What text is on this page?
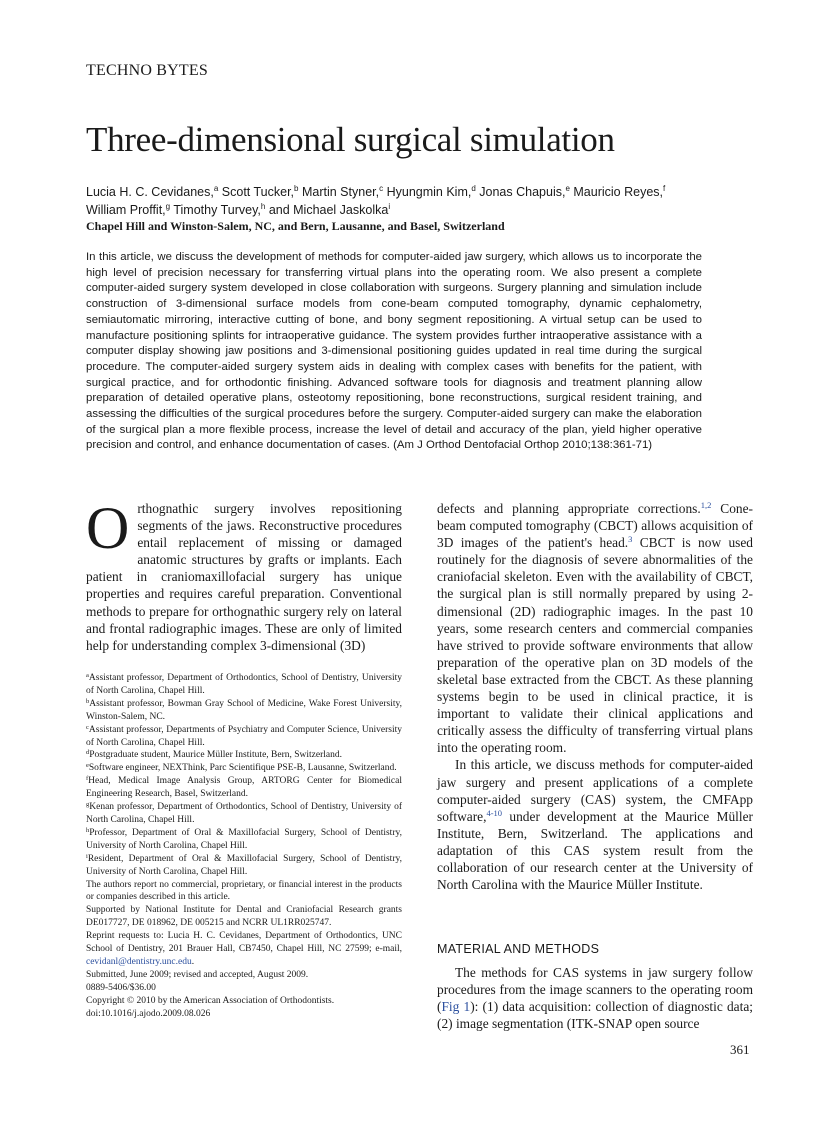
TECHNO BYTES
Three-dimensional surgical simulation
Lucia H. C. Cevidanes,$^a$ Scott Tucker,$^b$ Martin Styner,$^c$ Hyungmin Kim,$^d$ Jonas Chapuis,$^e$ Mauricio Reyes,$^f$
William Proffit,$^g$ Timothy Turvey,$^h$ and Michael Jaskolka$^i$
Chapel Hill and Winston-Salem, NC, and Bern, Lausanne, and Basel, Switzerland

In this article, we discuss the development of methods for computer-aided jaw surgery, which allows us to incorporate the high level of precision necessary for transferring virtual plans into the operating room. We also present a complete computer-aided surgery system developed in close collaboration with surgeons. Surgery planning and simulation include construction of 3-dimensional surface models from cone-beam computed tomography, dynamic cephalometry, semiautomatic mirroring, interactive cutting of bone, and bony segment repositioning. A virtual setup can be used to manufacture positioning splints for intraoperative guidance. The system provides further intraoperative assistance with a computer display showing jaw positions and 3-dimensional positioning guides updated in real time during the surgical procedure. The computer-aided surgery system aids in dealing with complex cases with benefits for the patient, with surgical practice, and for orthodontic finishing. Advanced software tools for diagnosis and treatment planning allow preparation of detailed operative plans, osteotomy repositioning, bone reconstructions, surgical resident training, and assessing the difficulties of the surgical procedures before the surgery. Computer-aided surgery can make the elaboration of the surgical plan a more flexible process, increase the level of detail and accuracy of the plan, yield higher operative precision and control, and enhance documentation of cases. (Am J Orthod Dentofacial Orthop 2010;138:361-71)

Orthognathic surgery involves repositioning segments of the jaws. Reconstructive procedures entail replacement of missing or damaged anatomic structures by grafts or implants. Each patient in craniomaxillofacial surgery has unique properties and requires careful preparation. Conventional methods to prepare for orthognathic surgery rely on lateral and frontal radiographic images. These are only of limited help for understanding complex 3-dimensional (3D)

$^a$Assistant professor, Department of Orthodontics, School of Dentistry, University of North Carolina, Chapel Hill.
$^b$Assistant professor, Bowman Gray School of Medicine, Wake Forest University, Winston-Salem, NC.
$^c$Assistant professor, Departments of Psychiatry and Computer Science, University of North Carolina, Chapel Hill.
$^d$Postgraduate student, Maurice Müller Institute, Bern, Switzerland.
$^e$Software engineer, NEXThink, Parc Scientifique PSE-B, Lausanne, Switzerland.
$^f$Head, Medical Image Analysis Group, ARTORG Center for Biomedical Engineering Research, Basel, Switzerland.
$^g$Kenan professor, Department of Orthodontics, School of Dentistry, University of North Carolina, Chapel Hill.
$^h$Professor, Department of Oral & Maxillofacial Surgery, School of Dentistry, University of North Carolina, Chapel Hill.
$^i$Resident, Department of Oral & Maxillofacial Surgery, School of Dentistry, University of North Carolina, Chapel Hill.
The authors report no commercial, proprietary, or financial interest in the products or companies described in this article.
Supported by National Institute for Dental and Craniofacial Research grants DE017727, DE 018962, DE 005215 and NCRR UL1RR025747.
Reprint requests to: Lucia H. C. Cevidanes, Department of Orthodontics, UNC School of Dentistry, 201 Brauer Hall, CB7450, Chapel Hill, NC 27599; e-mail, cevidanl@dentistry.unc.edu.
Submitted, June 2009; revised and accepted, August 2009.
0889-5406/$36.00
Copyright © 2010 by the American Association of Orthodontists.
doi:10.1016/j.ajodo.2009.08.026

defects and planning appropriate corrections.$^{1,2}$ Cone-beam computed tomography (CBCT) allows acquisition of 3D images of the patient's head.$^3$ CBCT is now used routinely for the diagnosis of severe abnormalities of the craniofacial skeleton. Even with the availability of CBCT, the surgical plan is still normally prepared by using 2-dimensional (2D) radiographic images. In the past 10 years, some research centers and commercial companies have strived to provide software environments that allow preparation of the operative plan on 3D models of the skeletal base extracted from the CBCT. As these planning systems begin to be used in clinical practice, it is important to validate their clinical applications and critically assess the difficulty of transferring virtual plans into the operating room.

In this article, we discuss methods for computer-aided jaw surgery and present applications of a complete computer-aided surgery (CAS) system, the CMFApp software,$^{4-10}$ under development at the Maurice Müller Institute, Bern, Switzerland. The applications and adaptation of this CAS system result from the collaboration of our research center at the University of North Carolina with the Maurice Müller Institute.

MATERIAL AND METHODS

The methods for CAS systems in jaw surgery follow procedures from the image scanners to the operating room (Fig 1): (1) data acquisition: collection of diagnostic data; (2) image segmentation (ITK-SNAP open source

361
